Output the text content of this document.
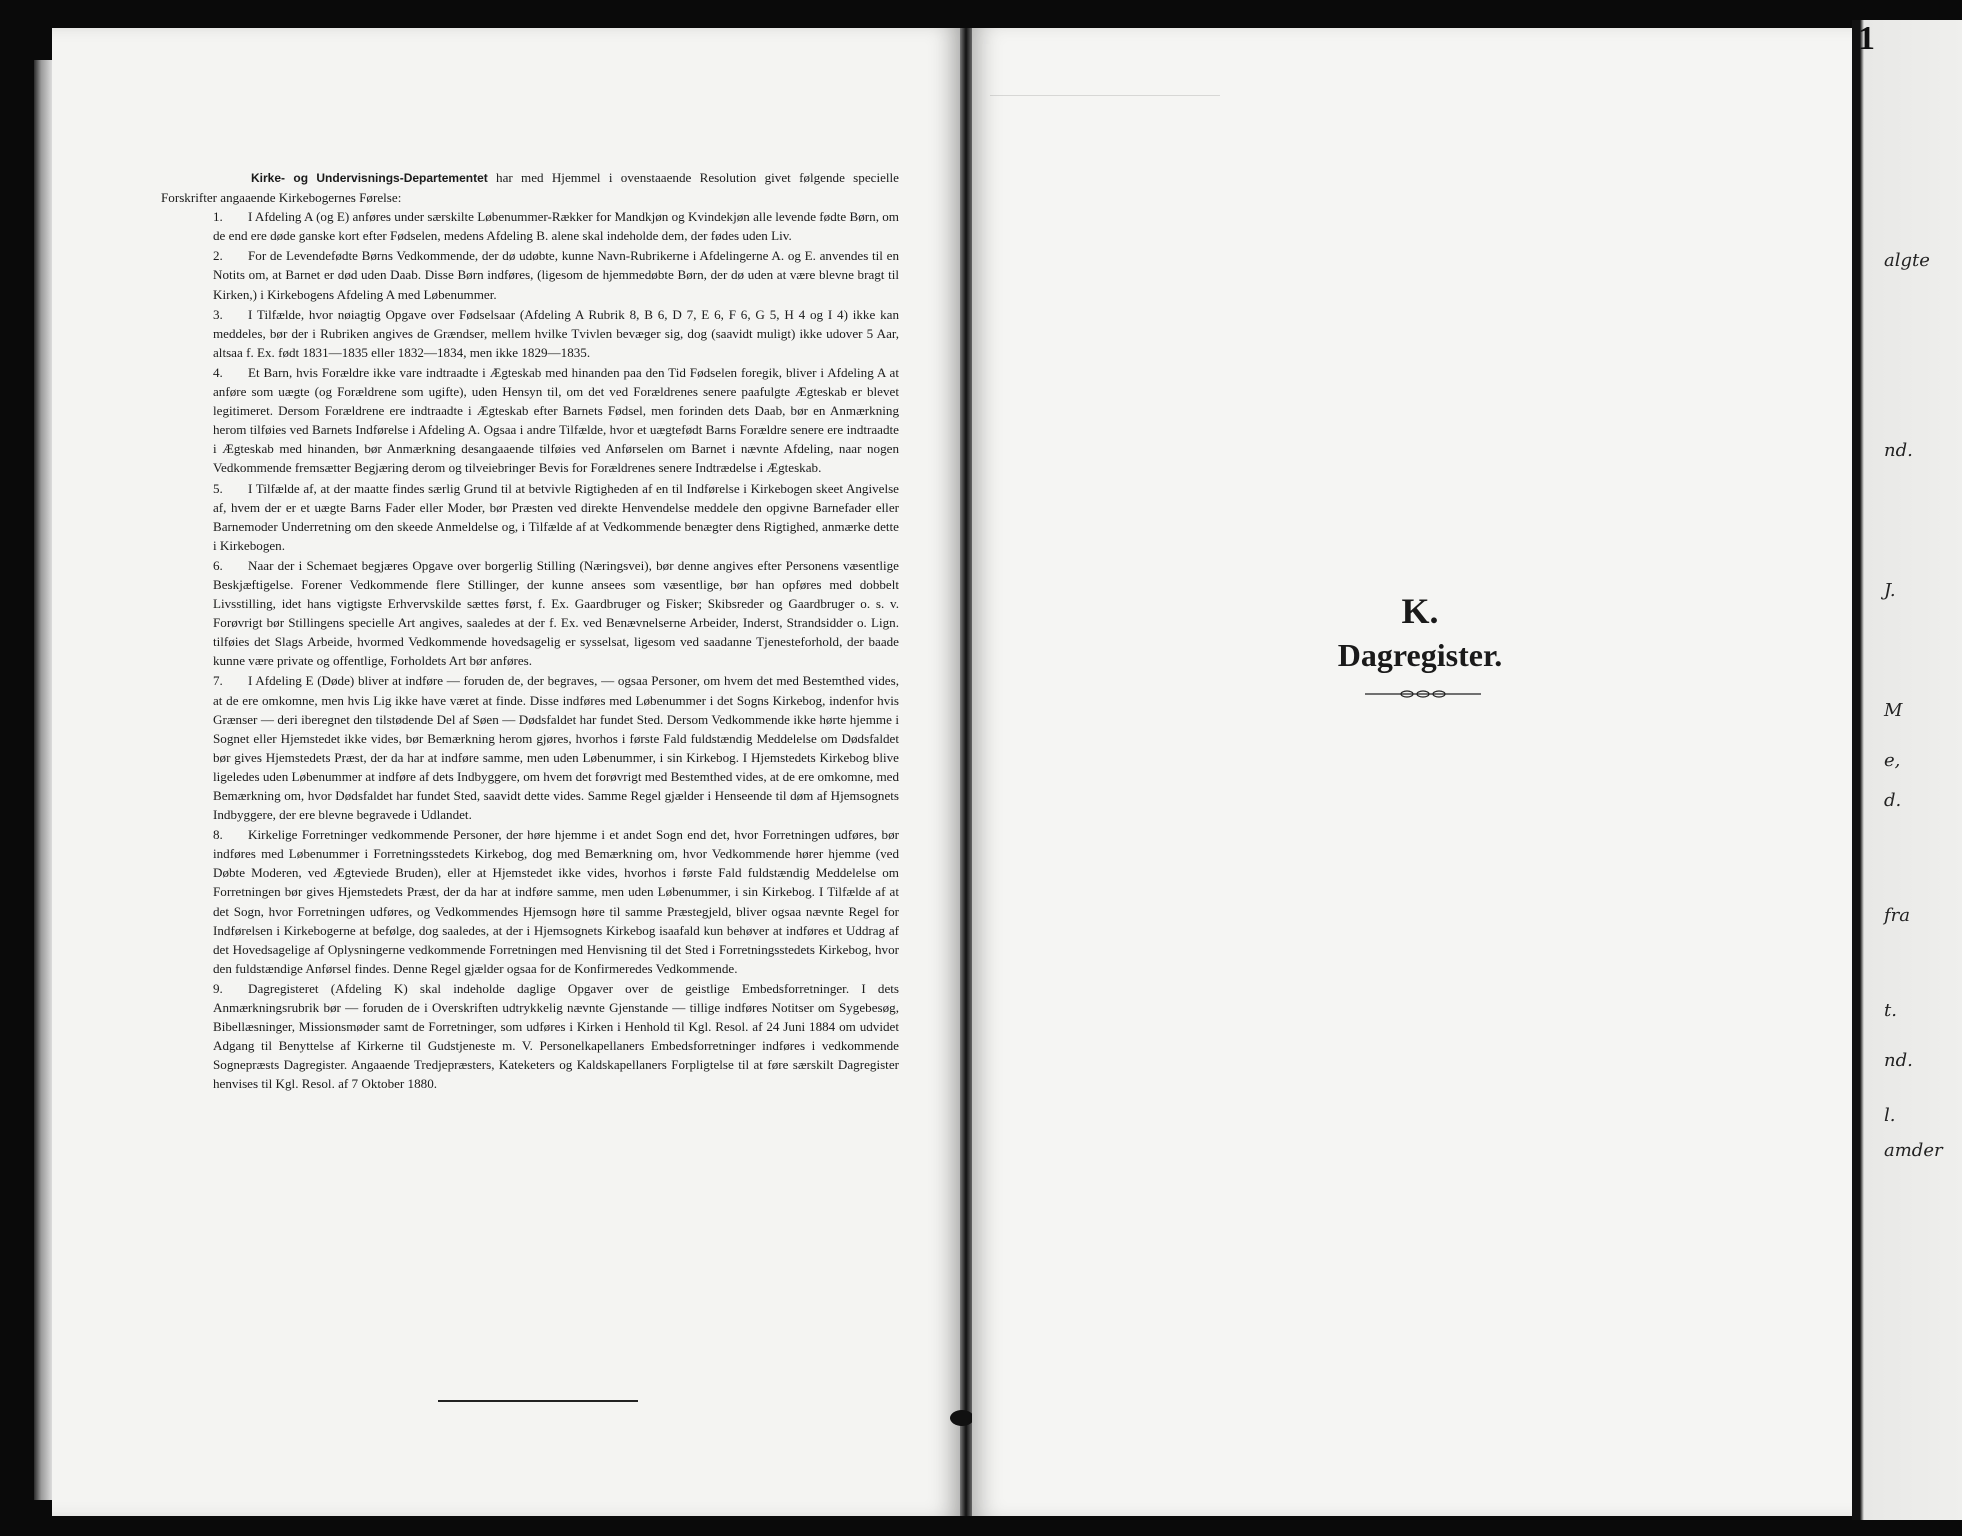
Kirke- og Undervisnings-Departementet har med Hjemmel i ovenstaaende Resolution givet følgende specielle Forskrifter angaaende Kirkebogernes Førelse:

1.	I Afdeling A (og E) anføres under særskilte Løbenummer-Rækker for Mandkjøn og Kvindekjøn alle levende fødte Børn, om de end ere døde ganske kort efter Fødselen, medens Afdeling B. alene skal indeholde dem, der fødes uden Liv.
2.	For de Levendefødte Børns Vedkommende, der dø udøbte, kunne Navn-Rubrikerne i Afdelingerne A. og E. anvendes til en Notits om, at Barnet er død uden Daab. Disse Børn indføres, (ligesom de hjemmedøbte Børn, der dø uden at være blevne bragt til Kirken,) i Kirkebogens Afdeling A med Løbenummer.
3.	I Tilfælde, hvor nøiagtig Opgave over Fødselsaar (Afdeling A Rubrik 8, B 6, D 7, E 6, F 6, G 5, H 4 og I 4) ikke kan meddeles, bør der i Rubriken angives de Grændser, mellem hvilke Tvivlen bevæger sig, dog (saavidt muligt) ikke udover 5 Aar, altsaa f. Ex. født 1831—1835 eller 1832—1834, men ikke 1829—1835.
4.	Et Barn, hvis Forældre ikke vare indtraadte i Ægteskab med hinanden paa den Tid Fødselen foregik, bliver i Afdeling A at anføre som uægte (og Forældrene som ugifte), uden Hensyn til, om det ved Forældrenes senere paafulgte Ægteskab er blevet legitimeret. Dersom Forældrene ere indtraadte i Ægteskab efter Barnets Fødsel, men forinden dets Daab, bør en Anmærkning herom tilføies ved Barnets Indførelse i Afdeling A. Ogsaa i andre Tilfælde, hvor et uægtefødt Barns Forældre senere ere indtraadte i Ægteskab med hinanden, bør Anmærkning desangaaende tilføies ved Anførselen om Barnet i nævnte Afdeling, naar nogen Vedkommende fremsætter Begjæring derom og tilveiebringer Bevis for Forældrenes senere Indtrædelse i Ægteskab.
5.	I Tilfælde af, at der maatte findes særlig Grund til at betvivle Rigtigheden af en til Indførelse i Kirkebogen skeet Angivelse af, hvem der er et uægte Barns Fader eller Moder, bør Præsten ved direkte Henvendelse meddele den opgivne Barnefader eller Barnemoder Underretning om den skeede Anmeldelse og, i Tilfælde af at Vedkommende benægter dens Rigtighed, anmærke dette i Kirkebogen.
6.	Naar der i Schemaet begjæres Opgave over borgerlig Stilling (Næringsvei), bør denne angives efter Personens væsentlige Beskjæftigelse. Forener Vedkommende flere Stillinger, der kunne ansees som væsentlige, bør han opføres med dobbelt Livsstilling, idet hans vigtigste Erhvervskilde sættes først, f. Ex. Gaardbruger og Fisker; Skibsreder og Gaardbruger o. s. v. Forøvrigt bør Stillingens specielle Art angives, saaledes at der f. Ex. ved Benævnelserne Arbeider, Inderst, Strandsidder o. Lign. tilføies det Slags Arbeide, hvormed Vedkommende hovedsagelig er sysselsat, ligesom ved saadanne Tjenesteforhold, der baade kunne være private og offentlige, Forholdets Art bør anføres.
7.	I Afdeling E (Døde) bliver at indføre — foruden de, der begraves, — ogsaa Personer, om hvem det med Bestemthed vides, at de ere omkomne, men hvis Lig ikke have været at finde. Disse indføres med Løbenummer i det Sogns Kirkebog, indenfor hvis Grænser — deri iberegnet den tilstødende Del af Søen — Dødsfaldet har fundet Sted. Dersom Vedkommende ikke hørte hjemme i Sognet eller Hjemstedet ikke vides, bør Bemærkning herom gjøres, hvorhos i første Fald fuldstændig Meddelelse om Dødsfaldet bør gives Hjemstedets Præst, der da har at indføre samme, men uden Løbenummer, i sin Kirkebog. I Hjemstedets Kirkebog blive ligeledes uden Løbenummer at indføre af dets Indbyggere, om hvem det forøvrigt med Bestemthed vides, at de ere omkomne, med Bemærkning om, hvor Dødsfaldet har fundet Sted, saavidt dette vides. Samme Regel gjælder i Henseende til døm af Hjemsognets Indbyggere, der ere blevne begravede i Udlandet.
8.	Kirkelige Forretninger vedkommende Personer, der høre hjemme i et andet Sogn end det, hvor Forretningen udføres, bør indføres med Løbenummer i Forretningsstedets Kirkebog, dog med Bemærkning om, hvor Vedkommende hører hjemme (ved Døbte Moderen, ved Ægteviede Bruden), eller at Hjemstedet ikke vides, hvorhos i første Fald fuldstændig Meddelelse om Forretningen bør gives Hjemstedets Præst, der da har at indføre samme, men uden Løbenummer, i sin Kirkebog. I Tilfælde af at det Sogn, hvor Forretningen udføres, og Vedkommendes Hjemsogn høre til samme Præstegjeld, bliver ogsaa nævnte Regel for Indførelsen i Kirkebogerne at befølge, dog saaledes, at der i Hjemsognets Kirkebog isaafald kun behøver at indføres et Uddrag af det Hovedsagelige af Oplysningerne vedkommende Forretningen med Henvisning til det Sted i Forretningsstedets Kirkebog, hvor den fuldstændige Anførsel findes. Denne Regel gjælder ogsaa for de Konfirmeredes Vedkommende.
9.	Dagregisteret (Afdeling K) skal indeholde daglige Opgaver over de geistlige Embedsforretninger. I dets Anmærkningsrubrik bør — foruden de i Overskriften udtrykkelig nævnte Gjenstande — tillige indføres Notitser om Sygebesøg, Bibellæsninger, Missionsmøder samt de Forretninger, som udføres i Kirken i Henhold til Kgl. Resol. af 24 Juni 1884 om udvidet Adgang til Benyttelse af Kirkerne til Gudstjeneste m. V. Personelkapellaners Embedsforretninger indføres i vedkommende Sognepræsts Dagregister. Angaaende Tredjepræsters, Kateketers og Kaldskapellaners Forpligtelse til at føre særskilt Dagregister henvises til Kgl. Resol. af 7 Oktober 1880.
K.
Dagregister.
algte
nd.
J.
M
e,
d.
fra
t.
nd.
l.
amder
1
